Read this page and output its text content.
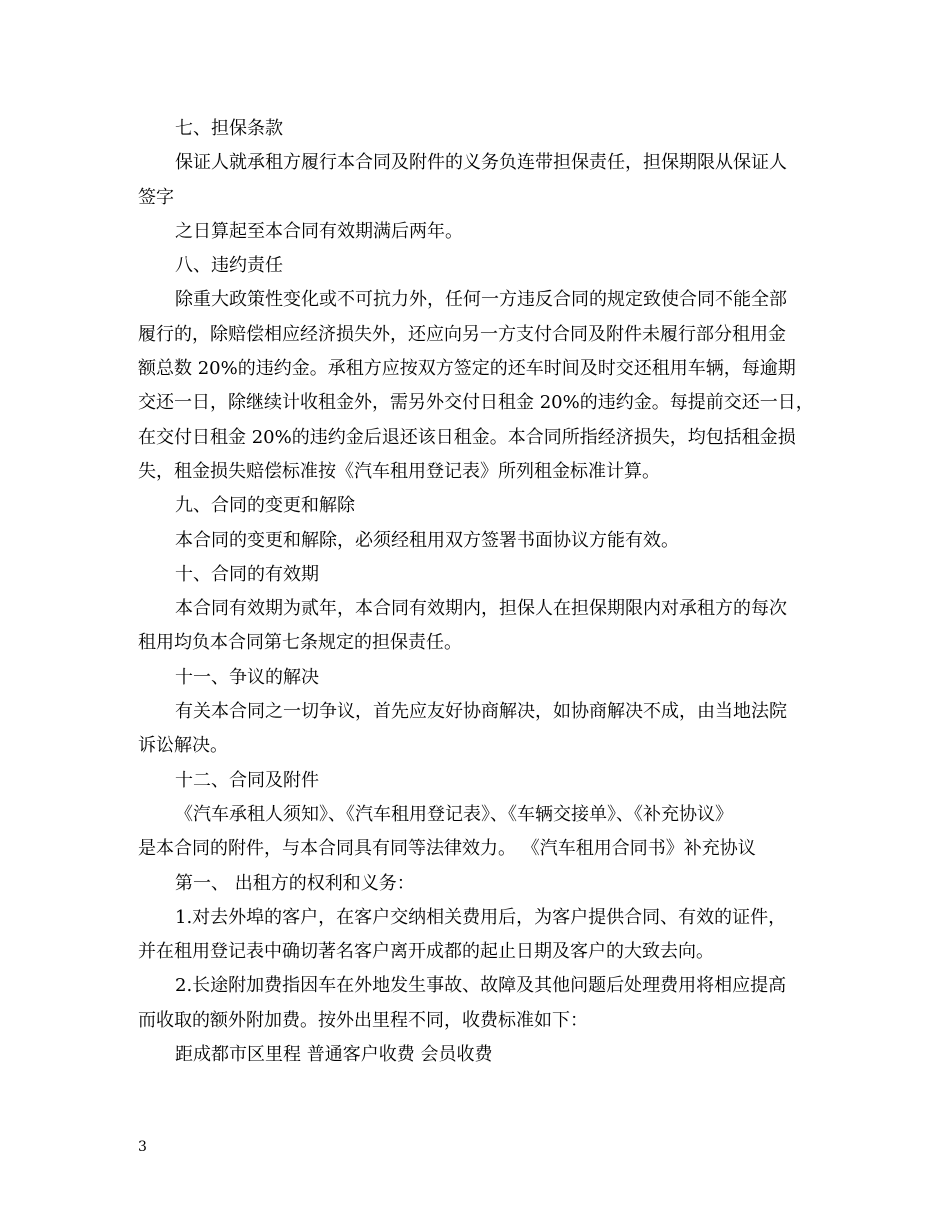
七、担保条款

保证人就承租方履行本合同及附件的义务负连带担保责任，担保期限从保证人

签字

之日算起至本合同有效期满后两年。

八、违约责任

除重大政策性变化或不可抗力外，任何一方违反合同的规定致使合同不能全部

履行的，除赔偿相应经济损失外，还应向另一方支付合同及附件未履行部分租用金

额总数 20%的违约金。承租方应按双方签定的还车时间及时交还租用车辆，每逾期

交还一日，除继续计收租金外，需另外交付日租金 20%的违约金。每提前交还一日，

在交付日租金 20%的违约金后退还该日租金。本合同所指经济损失，均包括租金损

失，租金损失赔偿标准按《汽车租用登记表》所列租金标准计算。

九、合同的变更和解除

本合同的变更和解除，必须经租用双方签署书面协议方能有效。

十、合同的有效期

本合同有效期为贰年，本合同有效期内，担保人在担保期限内对承租方的每次

租用均负本合同第七条规定的担保责任。

十一、争议的解决

有关本合同之一切争议，首先应友好协商解决，如协商解决不成，由当地法院

诉讼解决。

十二、合同及附件

《汽车承租人须知》、《汽车租用登记表》、《车辆交接单》、《补充协议》

是本合同的附件，与本合同具有同等法律效力。 《汽车租用合同书》补充协议

第一、 出租方的权利和义务：

1.对去外埠的客户，在客户交纳相关费用后，为客户提供合同、有效的证件，

并在租用登记表中确切著名客户离开成都的起止日期及客户的大致去向。

2.长途附加费指因车在外地发生事故、故障及其他问题后处理费用将相应提高

而收取的额外附加费。按外出里程不同，收费标准如下：

距成都市区里程 普通客户收费 会员收费

3
